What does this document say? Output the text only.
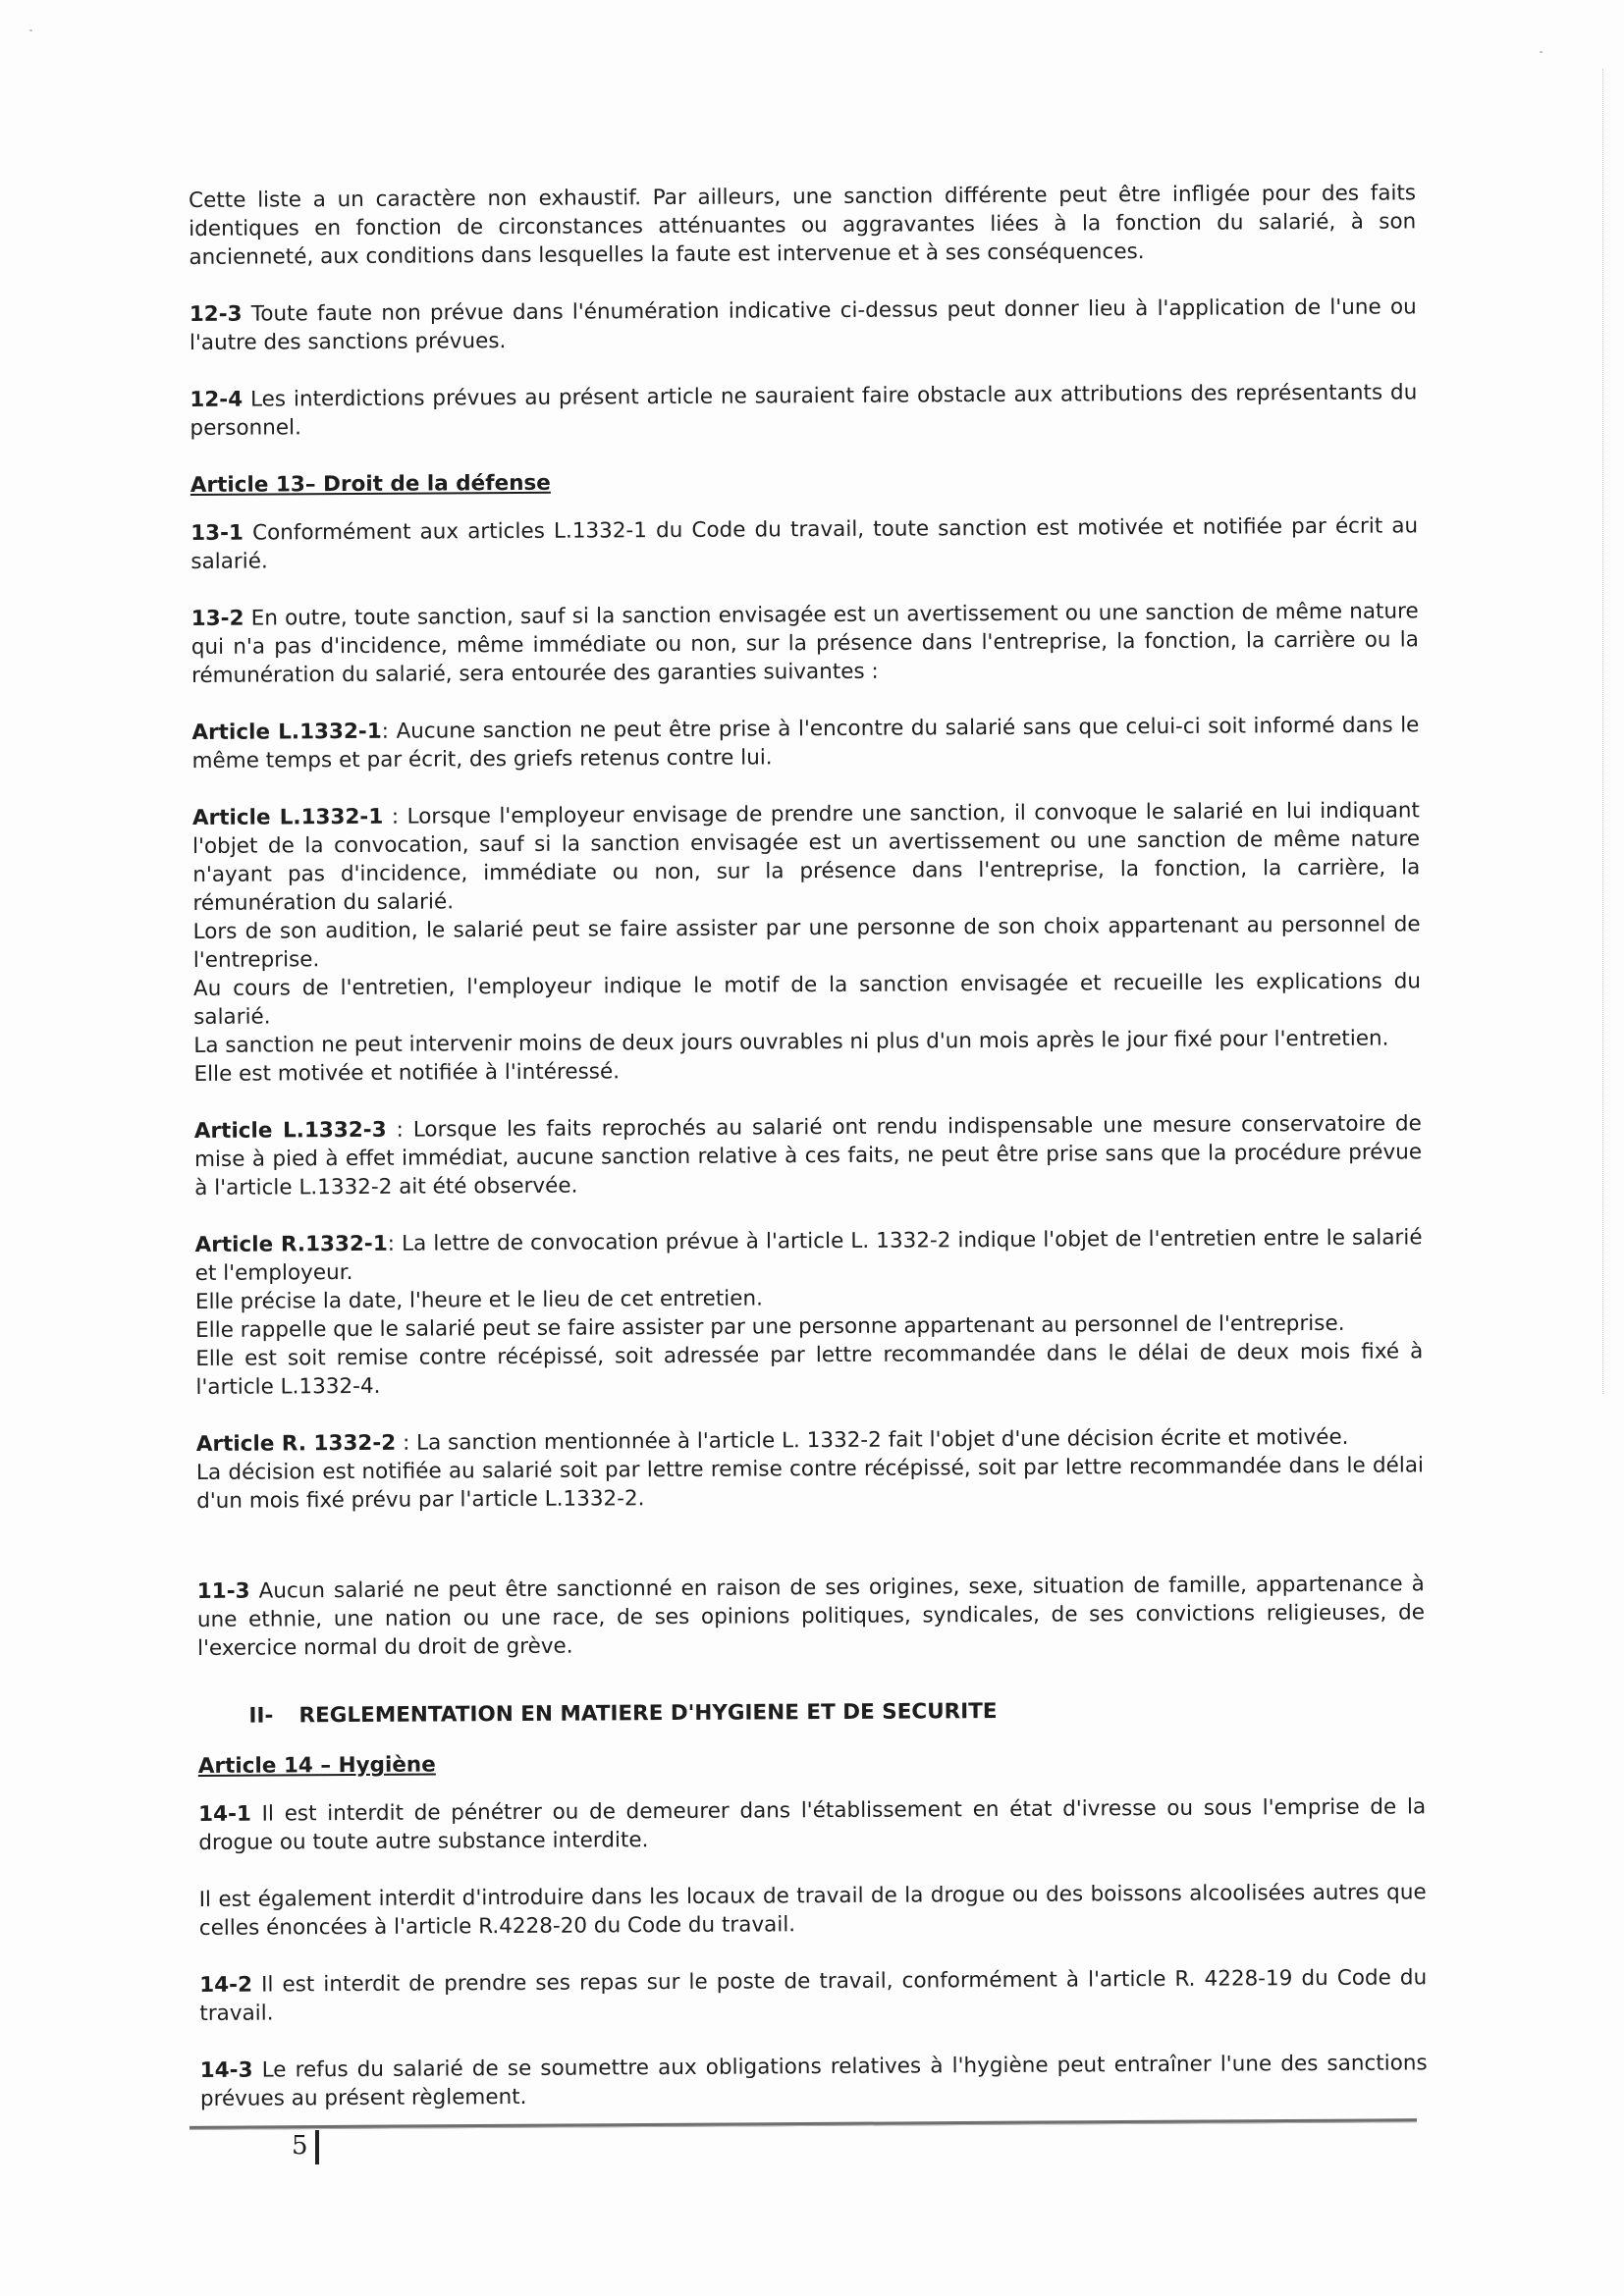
Cette liste a un caractère non exhaustif. Par ailleurs, une sanction différente peut être infligée pour des faits identiques en fonction de circonstances atténuantes ou aggravantes liées à la fonction du salarié, à son ancienneté, aux conditions dans lesquelles la faute est intervenue et à ses conséquences.

12-3 Toute faute non prévue dans l'énumération indicative ci-dessus peut donner lieu à l'application de l'une ou l'autre des sanctions prévues.

12-4 Les interdictions prévues au présent article ne sauraient faire obstacle aux attributions des représentants du personnel.

Article 13– Droit de la défense

13-1 Conformément aux articles L.1332-1 du Code du travail, toute sanction est motivée et notifiée par écrit au salarié.

13-2 En outre, toute sanction, sauf si la sanction envisagée est un avertissement ou une sanction de même nature qui n'a pas d'incidence, même immédiate ou non, sur la présence dans l'entreprise, la fonction, la carrière ou la rémunération du salarié, sera entourée des garanties suivantes :

Article L.1332-1: Aucune sanction ne peut être prise à l'encontre du salarié sans que celui-ci soit informé dans le même temps et par écrit, des griefs retenus contre lui.

Article L.1332-1 : Lorsque l'employeur envisage de prendre une sanction, il convoque le salarié en lui indiquant l'objet de la convocation, sauf si la sanction envisagée est un avertissement ou une sanction de même nature n'ayant pas d'incidence, immédiate ou non, sur la présence dans l'entreprise, la fonction, la carrière, la rémunération du salarié.

Lors de son audition, le salarié peut se faire assister par une personne de son choix appartenant au personnel de l'entreprise.

Au cours de l'entretien, l'employeur indique le motif de la sanction envisagée et recueille les explications du salarié.

La sanction ne peut intervenir moins de deux jours ouvrables ni plus d'un mois après le jour fixé pour l'entretien.

Elle est motivée et notifiée à l'intéressé.

Article L.1332-3 : Lorsque les faits reprochés au salarié ont rendu indispensable une mesure conservatoire de mise à pied à effet immédiat, aucune sanction relative à ces faits, ne peut être prise sans que la procédure prévue à l'article L.1332-2 ait été observée.

Article R.1332-1: La lettre de convocation prévue à l'article L. 1332-2 indique l'objet de l'entretien entre le salarié et l'employeur.

Elle précise la date, l'heure et le lieu de cet entretien.

Elle rappelle que le salarié peut se faire assister par une personne appartenant au personnel de l'entreprise.

Elle est soit remise contre récépissé, soit adressée par lettre recommandée dans le délai de deux mois fixé à l'article L.1332-4.

Article R. 1332-2 : La sanction mentionnée à l'article L. 1332-2 fait l'objet d'une décision écrite et motivée.

La décision est notifiée au salarié soit par lettre remise contre récépissé, soit par lettre recommandée dans le délai d'un mois fixé prévu par l'article L.1332-2.

11-3 Aucun salarié ne peut être sanctionné en raison de ses origines, sexe, situation de famille, appartenance à une ethnie, une nation ou une race, de ses opinions politiques, syndicales, de ses convictions religieuses, de l'exercice normal du droit de grève.

II-	REGLEMENTATION EN MATIERE D'HYGIENE ET DE SECURITE
Article 14 – Hygiène

14-1 Il est interdit de pénétrer ou de demeurer dans l'établissement en état d'ivresse ou sous l'emprise de la drogue ou toute autre substance interdite.

Il est également interdit d'introduire dans les locaux de travail de la drogue ou des boissons alcoolisées autres que celles énoncées à l'article R.4228-20 du Code du travail.

14-2 Il est interdit de prendre ses repas sur le poste de travail, conformément à l'article R. 4228-19 du Code du travail.

14-3 Le refus du salarié de se soumettre aux obligations relatives à l'hygiène peut entraîner l'une des sanctions prévues au présent règlement.

5
